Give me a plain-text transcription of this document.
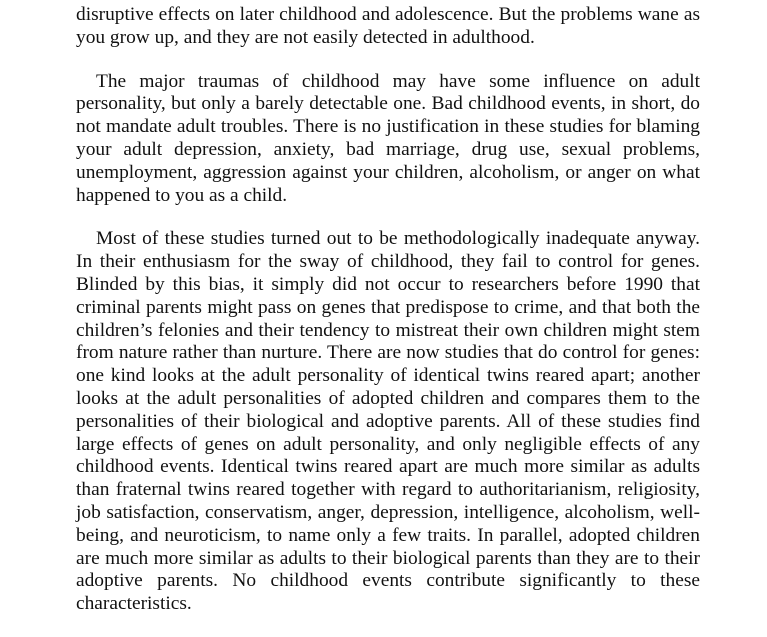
disruptive effects on later childhood and adolescence. But the problems wane as you grow up, and they are not easily detected in adulthood.

The major traumas of childhood may have some influence on adult personality, but only a barely detectable one. Bad childhood events, in short, do not mandate adult troubles. There is no justification in these studies for blaming your adult depression, anxiety, bad marriage, drug use, sexual problems, unemployment, aggression against your children, alcoholism, or anger on what happened to you as a child.

Most of these studies turned out to be methodologically inadequate anyway. In their enthusiasm for the sway of childhood, they fail to control for genes. Blinded by this bias, it simply did not occur to researchers before 1990 that criminal parents might pass on genes that predispose to crime, and that both the children’s felonies and their tendency to mistreat their own children might stem from nature rather than nurture. There are now studies that do control for genes: one kind looks at the adult personality of identical twins reared apart; another looks at the adult personalities of adopted children and compares them to the personalities of their biological and adoptive parents. All of these studies find large effects of genes on adult personality, and only negligible effects of any childhood events. Identical twins reared apart are much more similar as adults than fraternal twins reared together with regard to authoritarianism, religiosity, job satisfaction, conservatism, anger, depression, intelligence, alcoholism, well-being, and neuroticism, to name only a few traits. In parallel, adopted children are much more similar as adults to their biological parents than they are to their adoptive parents. No childhood events contribute significantly to these characteristics.
